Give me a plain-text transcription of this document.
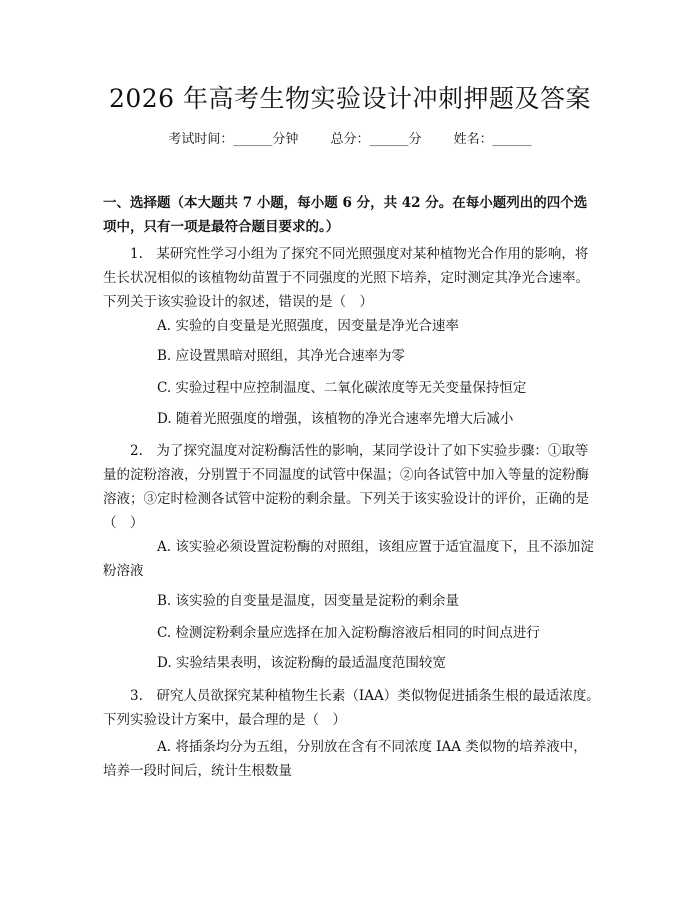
2026 年高考生物实验设计冲刺押题及答案
考试时间：______分钟 总分：______分 姓名：______
一、选择题（本大题共 7 小题，每小题 6 分，共 42 分。在每小题列出的四个选项中，只有一项是最符合题目要求的。）
1.　某研究性学习小组为了探究不同光照强度对某种植物光合作用的影响，将生长状况相似的该植物幼苗置于不同强度的光照下培养，定时测定其净光合速率。下列关于该实验设计的叙述，错误的是（　）
A. 实验的自变量是光照强度，因变量是净光合速率
B. 应设置黑暗对照组，其净光合速率为零
C. 实验过程中应控制温度、二氧化碳浓度等无关变量保持恒定
D. 随着光照强度的增强，该植物的净光合速率先增大后减小
2.　为了探究温度对淀粉酶活性的影响，某同学设计了如下实验步骤：①取等量的淀粉溶液，分别置于不同温度的试管中保温；②向各试管中加入等量的淀粉酶溶液；③定时检测各试管中淀粉的剩余量。下列关于该实验设计的评价，正确的是（　）
A. 该实验必须设置淀粉酶的对照组，该组应置于适宜温度下，且不添加淀粉溶液
B. 该实验的自变量是温度，因变量是淀粉的剩余量
C. 检测淀粉剩余量应选择在加入淀粉酶溶液后相同的时间点进行
D. 实验结果表明，该淀粉酶的最适温度范围较宽
3.　研究人员欲探究某种植物生长素（IAA）类似物促进插条生根的最适浓度。下列实验设计方案中，最合理的是（　）
A. 将插条均分为五组，分别放在含有不同浓度 IAA 类似物的培养液中，培养一段时间后，统计生根数量
